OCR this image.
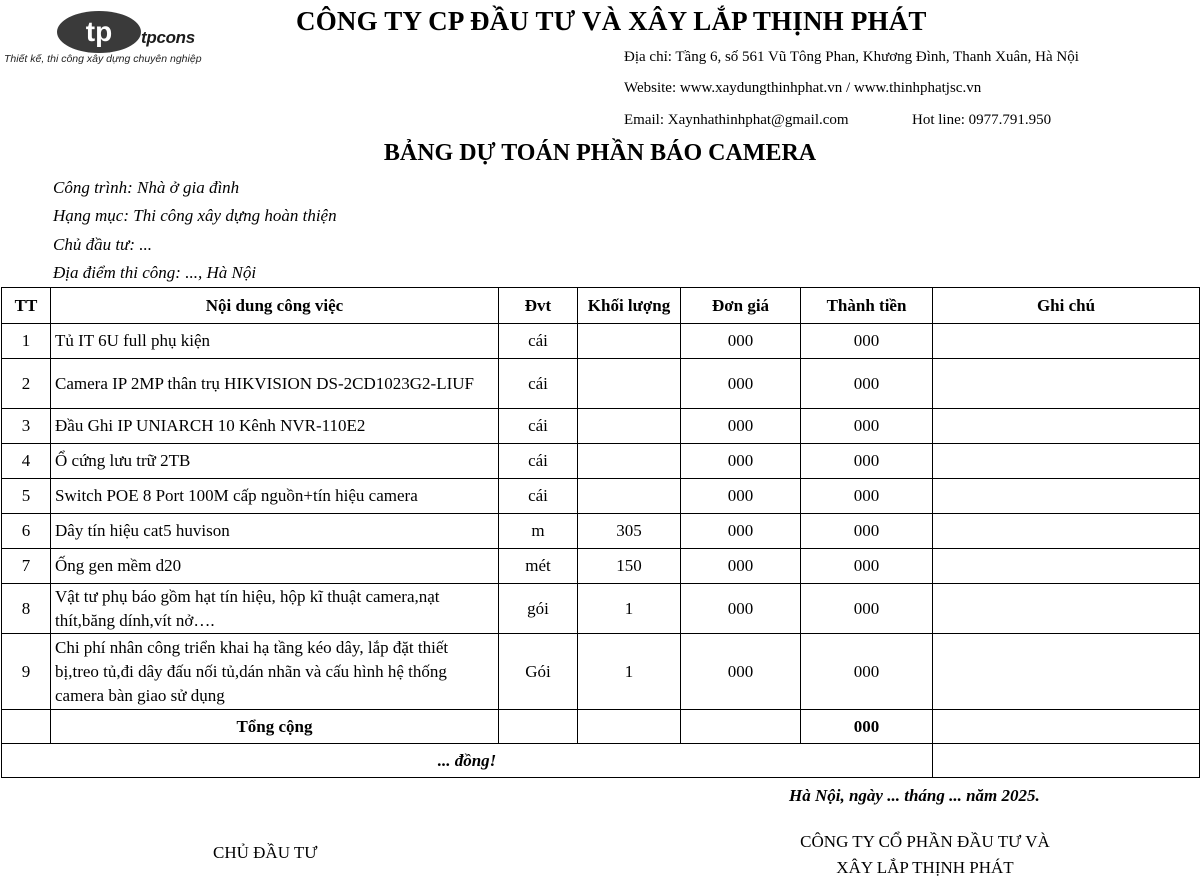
tp tpcons
Thiết kế, thi công xây dựng chuyên nghiệp
CÔNG TY CP ĐẦU TƯ VÀ XÂY LẮP THỊNH PHÁT
Địa chỉ: Tầng 6, số 561 Vũ Tông Phan, Khương Đình, Thanh Xuân, Hà Nội
Website: www.xaydungthinhphat.vn / www.thinhphatjsc.vn
Email: Xaynhathinhphat@gmail.com	Hot line: 0977.791.950
BẢNG DỰ TOÁN PHẦN BÁO CAMERA
Công trình: Nhà ở gia đình
Hạng mục: Thi công xây dựng hoàn thiện
Chủ đầu tư: ...
Địa điểm thi công: ..., Hà Nội
TT	Nội dung công việc	Đvt	Khối lượng	Đơn giá	Thành tiền	Ghi chú
1	Tủ IT 6U full phụ kiện	cái		000	000	
2	Camera IP 2MP thân trụ HIKVISION DS-2CD1023G2-LIUF	cái		000	000	
3	Đầu Ghi IP UNIARCH 10 Kênh NVR-110E2	cái		000	000	
4	Ổ cứng lưu trữ 2TB	cái		000	000	
5	Switch POE 8 Port 100M cấp nguồn+tín hiệu camera	cái		000	000	
6	Dây tín hiệu cat5 huvison	m	305	000	000	
7	Ống gen mềm d20	mét	150	000	000	
8	Vật tư phụ báo gồm hạt tín hiệu, hộp kĩ thuật camera,nạt thít,băng dính,vít nở….	gói	1	000	000	
9	Chi phí nhân công triển khai hạ tầng kéo dây, lắp đặt thiết bị,treo tủ,đi dây đấu nối tủ,dán nhãn và cấu hình hệ thống camera bàn giao sử dụng	Gói	1	000	000	
	Tổng cộng				000	
... đồng!						
Hà Nội, ngày ... tháng ... năm 2025.
CHỦ ĐẦU TƯ
CÔNG TY CỔ PHẦN ĐẦU TƯ VÀ
XÂY LẮP THỊNH PHÁT
